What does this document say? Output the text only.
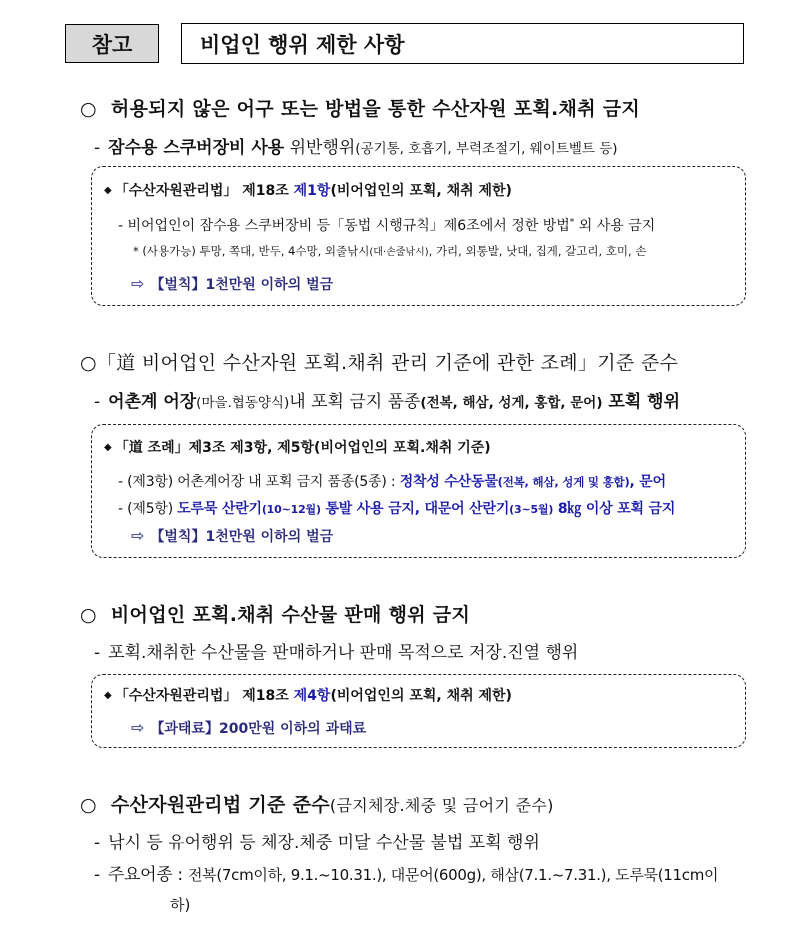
참고	비업인 행위 제한 사항
○ 허용되지 않은 어구 또는 방법을 통한 수산자원 포획.채취 금지
- 잠수용 스쿠버장비 사용 위반행위(공기통, 호흡기, 부력조절기, 웨이트벨트 등)
◆ 「수산자원관리법」 제18조 제1항(비어업인의 포획, 채취 제한)
- 비어업인이 잠수용 스쿠버장비 등「동법 시행규칙」제6조에서 정한 방법* 외 사용 금지
* (사용가능) 투망, 쪽대, 반두, 4수망, 외줄낚시(대·손줄낚시), 가리, 외통발, 낫대, 집게, 갈고리, 호미, 손
⇨ 【벌칙】1천만원 이하의 벌금
○「道 비어업인 수산자원 포획.채취 관리 기준에 관한 조례」기준 준수
- 어촌계 어장(마을.협동양식)내 포획 금지 품종(전복, 해삼, 성게, 홍합, 문어) 포획 행위
◆ 「道 조례」제3조 제3항, 제5항(비어업인의 포획.채취 기준)
- (제3항) 어촌계어장 내 포획 금지 품종(5종) : 정착성 수산동물(전복, 해삼, 성게 및 홍합), 문어
- (제5항) 도루묵 산란기(10~12월) 통발 사용 금지, 대문어 산란기(3~5월) 8㎏ 이상 포획 금지
⇨ 【벌칙】1천만원 이하의 벌금
○ 비어업인 포획.채취 수산물 판매 행위 금지
- 포획.채취한 수산물을 판매하거나 판매 목적으로 저장.진열 행위
◆ 「수산자원관리법」 제18조 제4항(비어업인의 포획, 채취 제한)
⇨ 【과태료】200만원 이하의 과태료
○ 수산자원관리법 기준 준수(금지체장.체중 및 금어기 준수)
- 낚시 등 유어행위 등 체장.체중 미달 수산물 불법 포획 행위
- 주요어종 : 전복(7cm이하, 9.1.~10.31.), 대문어(600g), 해삼(7.1.~7.31.), 도루묵(11cm이
하)
